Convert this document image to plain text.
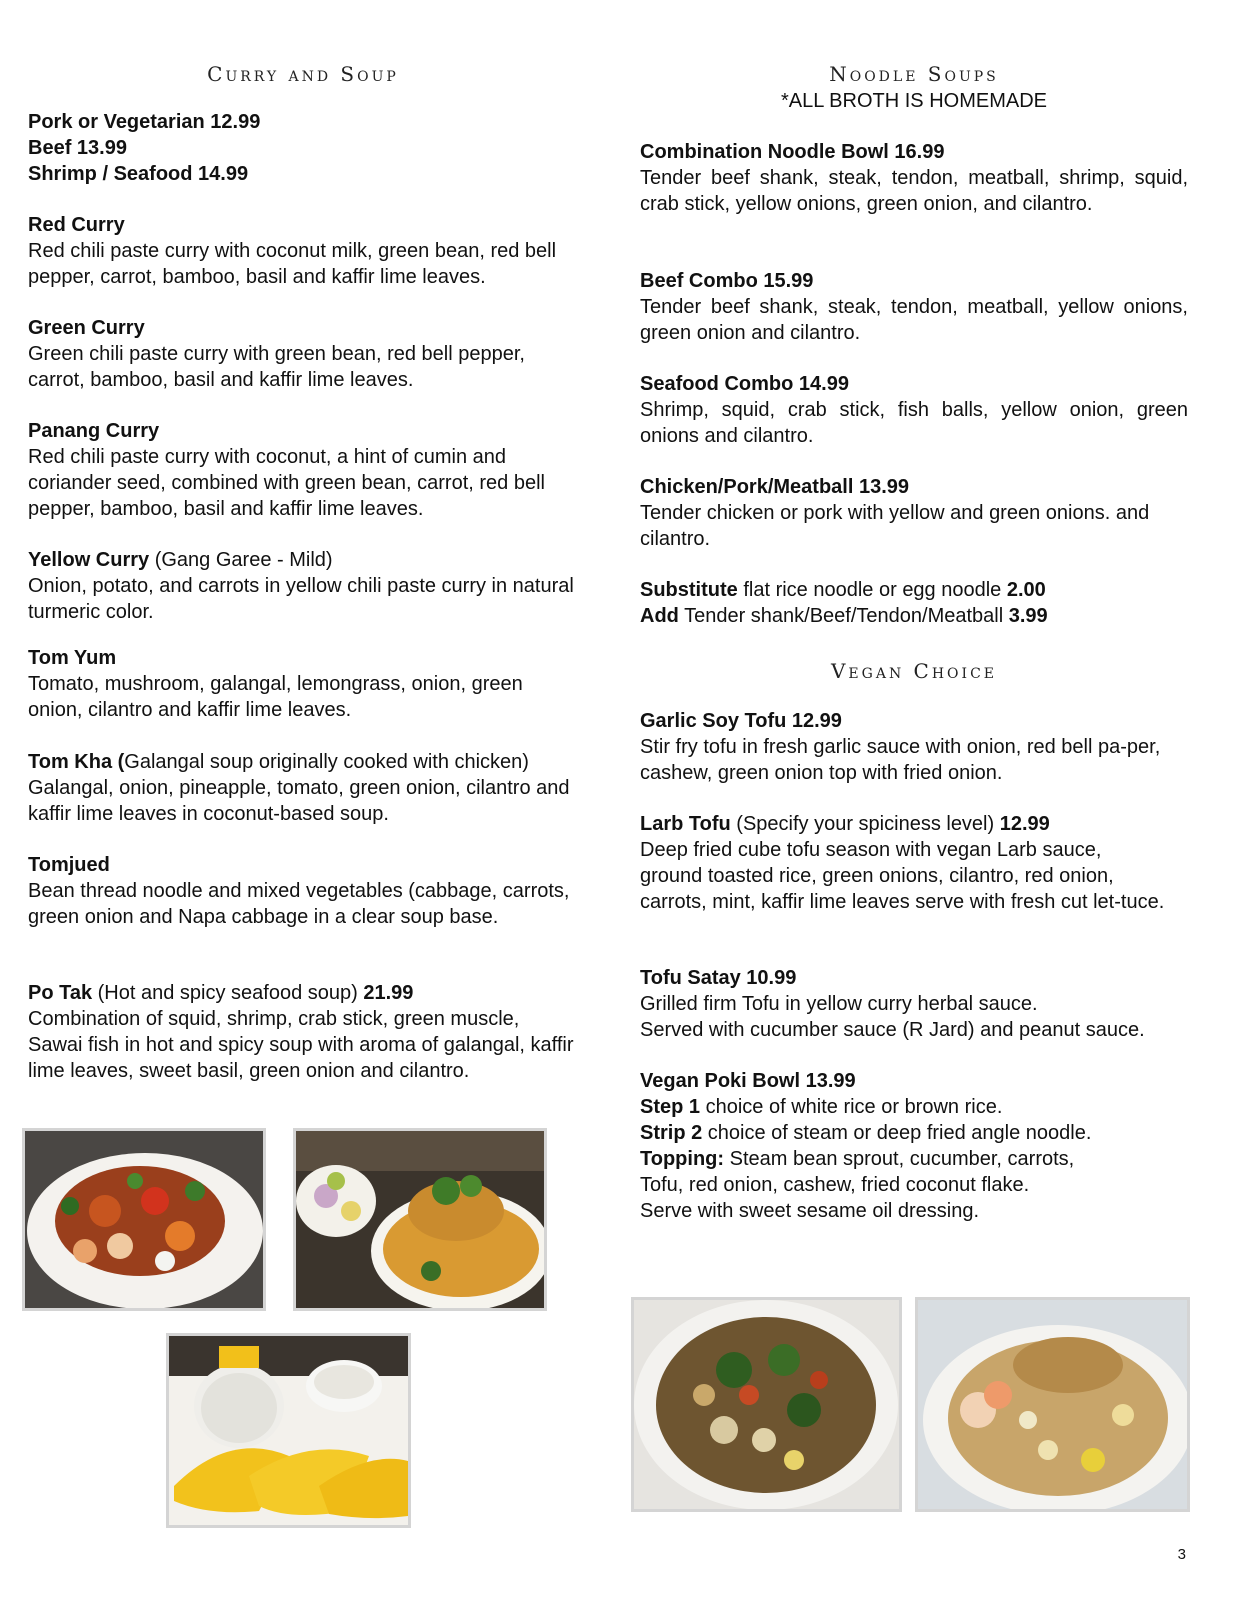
Curry and Soup
Pork or Vegetarian 12.99
Beef 13.99
Shrimp / Seafood 14.99
Red Curry
Red chili paste curry with coconut milk, green bean, red bell pepper, carrot, bamboo, basil and kaffir lime leaves.
Green Curry
Green chili paste curry with green bean, red bell pepper, carrot, bamboo, basil and kaffir lime leaves.
Panang Curry
Red chili paste curry with coconut, a hint of cumin and coriander seed, combined with green bean, carrot, red bell pepper, bamboo, basil and kaffir lime leaves.
Yellow Curry (Gang Garee - Mild)
Onion, potato, and carrots in yellow chili paste curry in natural turmeric color.
Tom Yum
Tomato, mushroom, galangal, lemongrass, onion, green onion, cilantro and kaffir lime leaves.
Tom Kha (Galangal soup originally cooked with chicken)
Galangal, onion, pineapple, tomato, green onion, cilantro and kaffir lime leaves in coconut-based soup.
Tomjued
Bean thread noodle and mixed vegetables (cabbage, carrots, green onion and Napa cabbage in a clear soup base.
Po Tak (Hot and spicy seafood soup) 21.99
Combination of squid, shrimp, crab stick, green muscle, Sawai fish in hot and spicy soup with aroma of galangal, kaffir lime leaves, sweet basil, green onion and cilantro.
Noodle Soups
*ALL BROTH IS HOMEMADE
Combination Noodle Bowl 16.99
Tender beef shank, steak, tendon, meatball, shrimp, squid, crab stick, yellow onions, green onion, and cilantro.
Beef Combo 15.99
Tender beef shank, steak, tendon, meatball, yellow onions, green onion and cilantro.
Seafood Combo 14.99
Shrimp, squid, crab stick, fish balls, yellow onion, green onions and cilantro.
Chicken/Pork/Meatball 13.99
Tender chicken or pork with yellow and green onions. and cilantro.
Substitute flat rice noodle or egg noodle 2.00
Add Tender shank/Beef/Tendon/Meatball 3.99
Vegan Choice
Garlic Soy Tofu 12.99
Stir fry tofu in fresh garlic sauce with onion, red bell pa-per, cashew, green onion top with fried onion.
Larb Tofu (Specify your spiciness level) 12.99
Deep fried cube tofu season with vegan Larb sauce, ground toasted rice, green onions, cilantro, red onion, carrots, mint, kaffir lime leaves serve with fresh cut let-tuce.
Tofu Satay 10.99
Grilled firm Tofu in yellow curry herbal sauce.
Served with cucumber sauce (R Jard) and peanut sauce.
Vegan Poki Bowl 13.99
Step 1 choice of white rice or brown rice.
Strip 2 choice of steam or deep fried angle noodle.
Topping: Steam bean sprout, cucumber, carrots,
Tofu, red onion, cashew, fried coconut flake.
Serve with sweet sesame oil dressing.
3
